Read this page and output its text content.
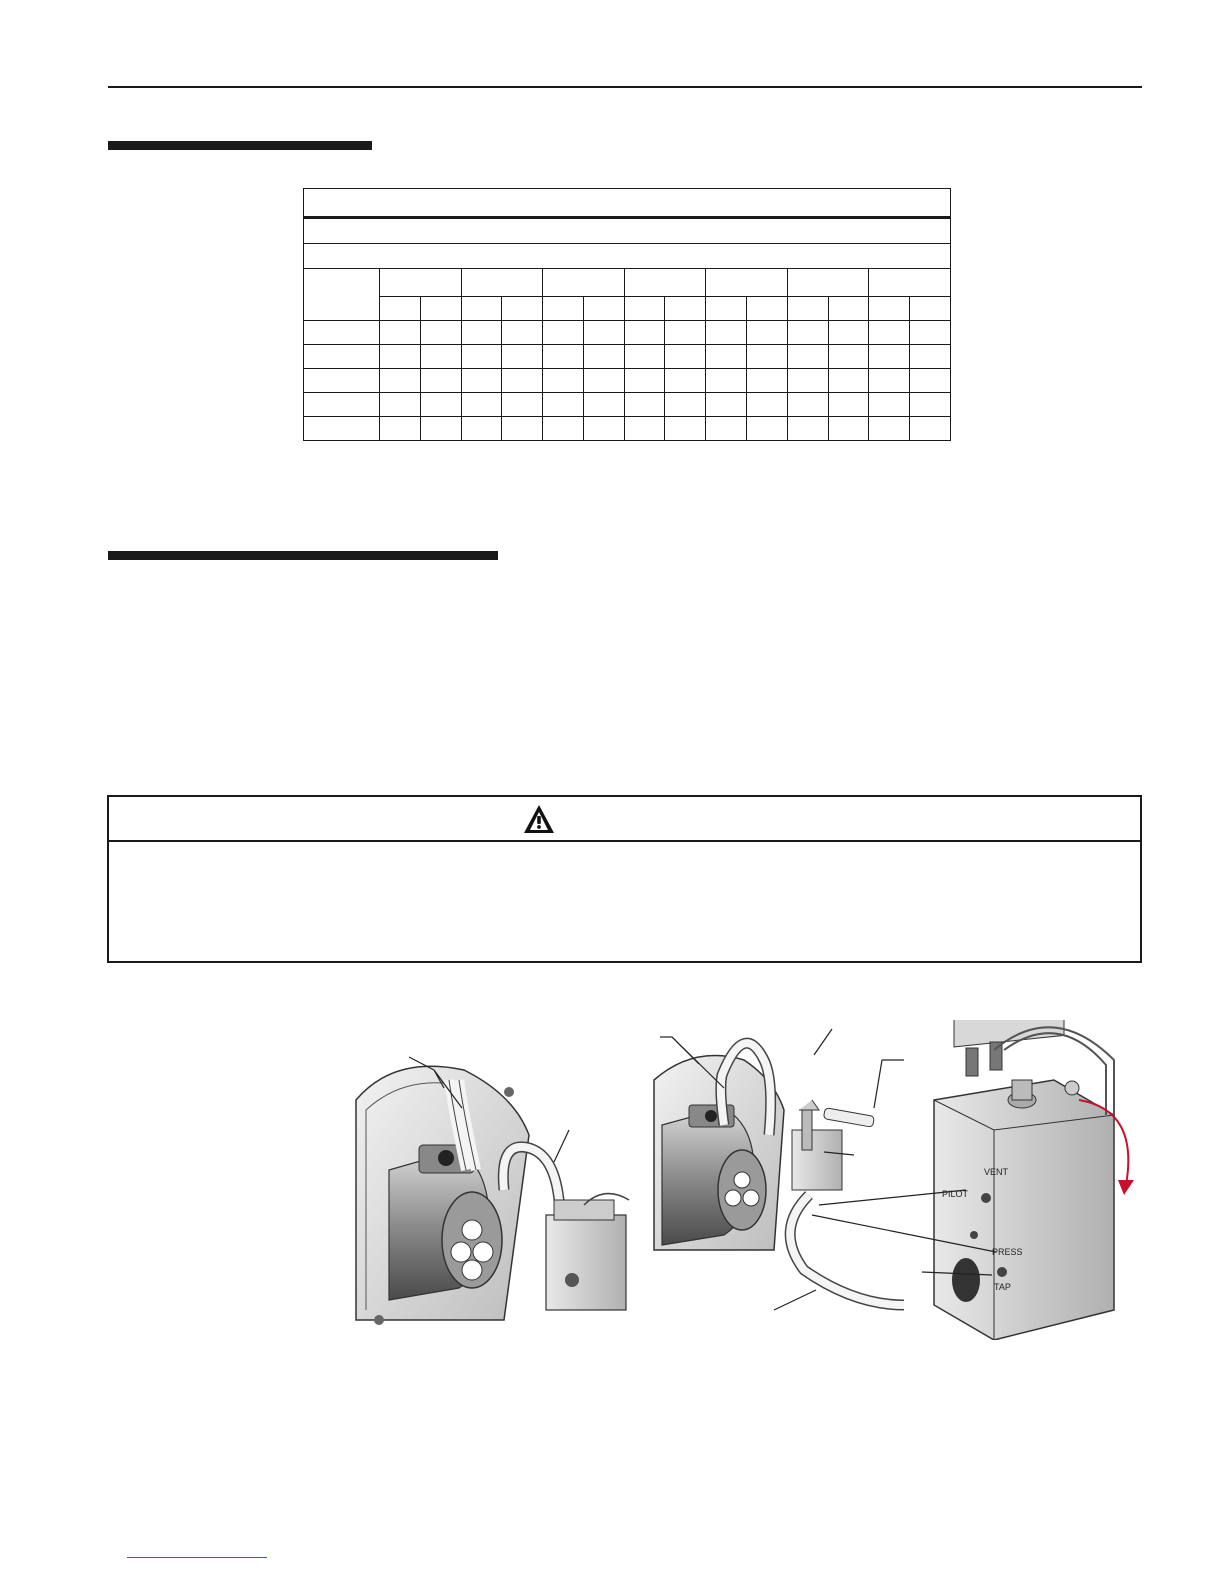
VENT
PILOT
PRESS
TAP
